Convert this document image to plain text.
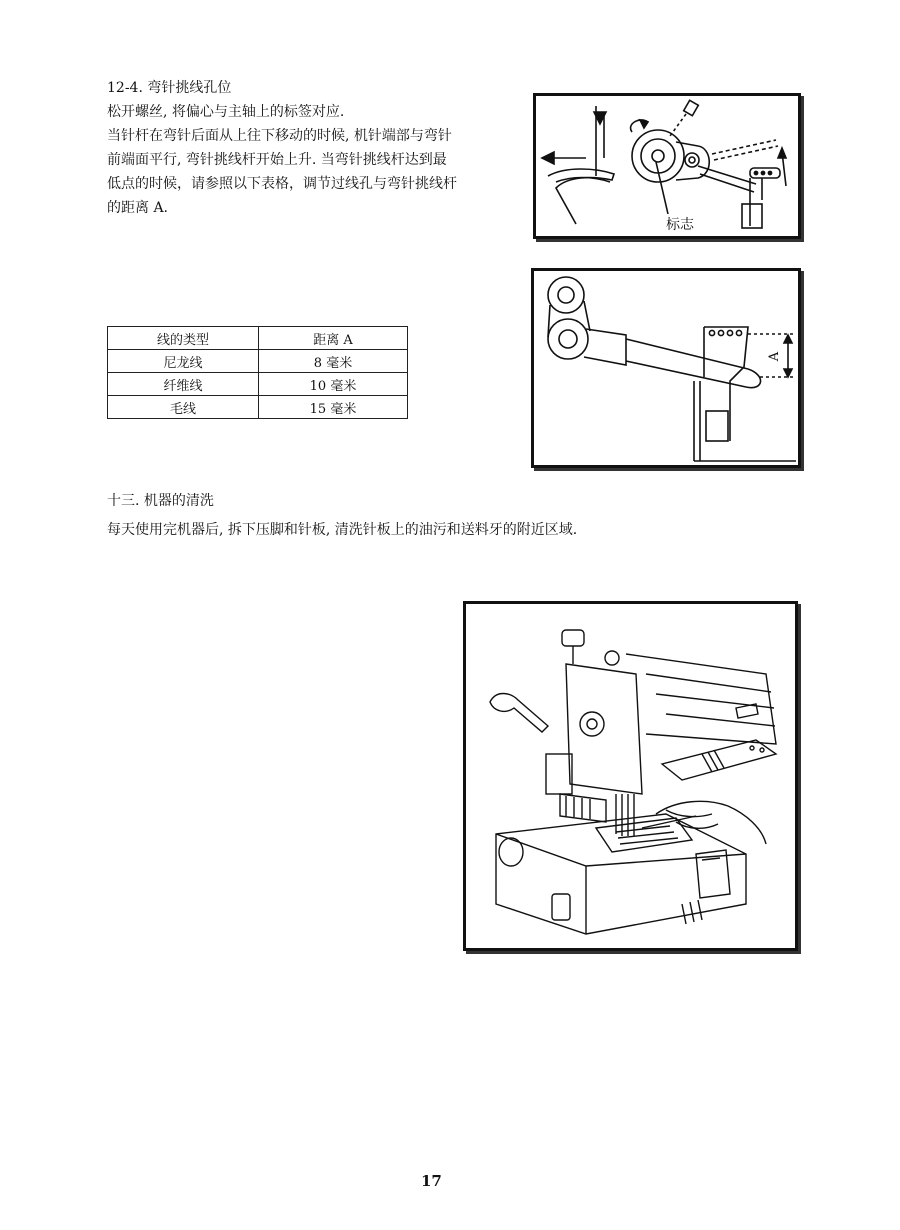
12-4. 弯针挑线孔位
松开螺丝, 将偏心与主轴上的标签对应.
当针杆在弯针后面从上往下移动的时候, 机针端部与弯针
前端面平行, 弯针挑线杆开始上升. 当弯针挑线杆达到最
低点的时候，请参照以下表格，调节过线孔与弯针挑线杆
的距离 A.
标志
线的类型	距离 A
尼龙线	8 毫米
纤维线	10 毫米
毛线	15 毫米
A
十三. 机器的清洗
每天使用完机器后, 拆下压脚和针板, 清洗针板上的油污和送料牙的附近区域.
17
